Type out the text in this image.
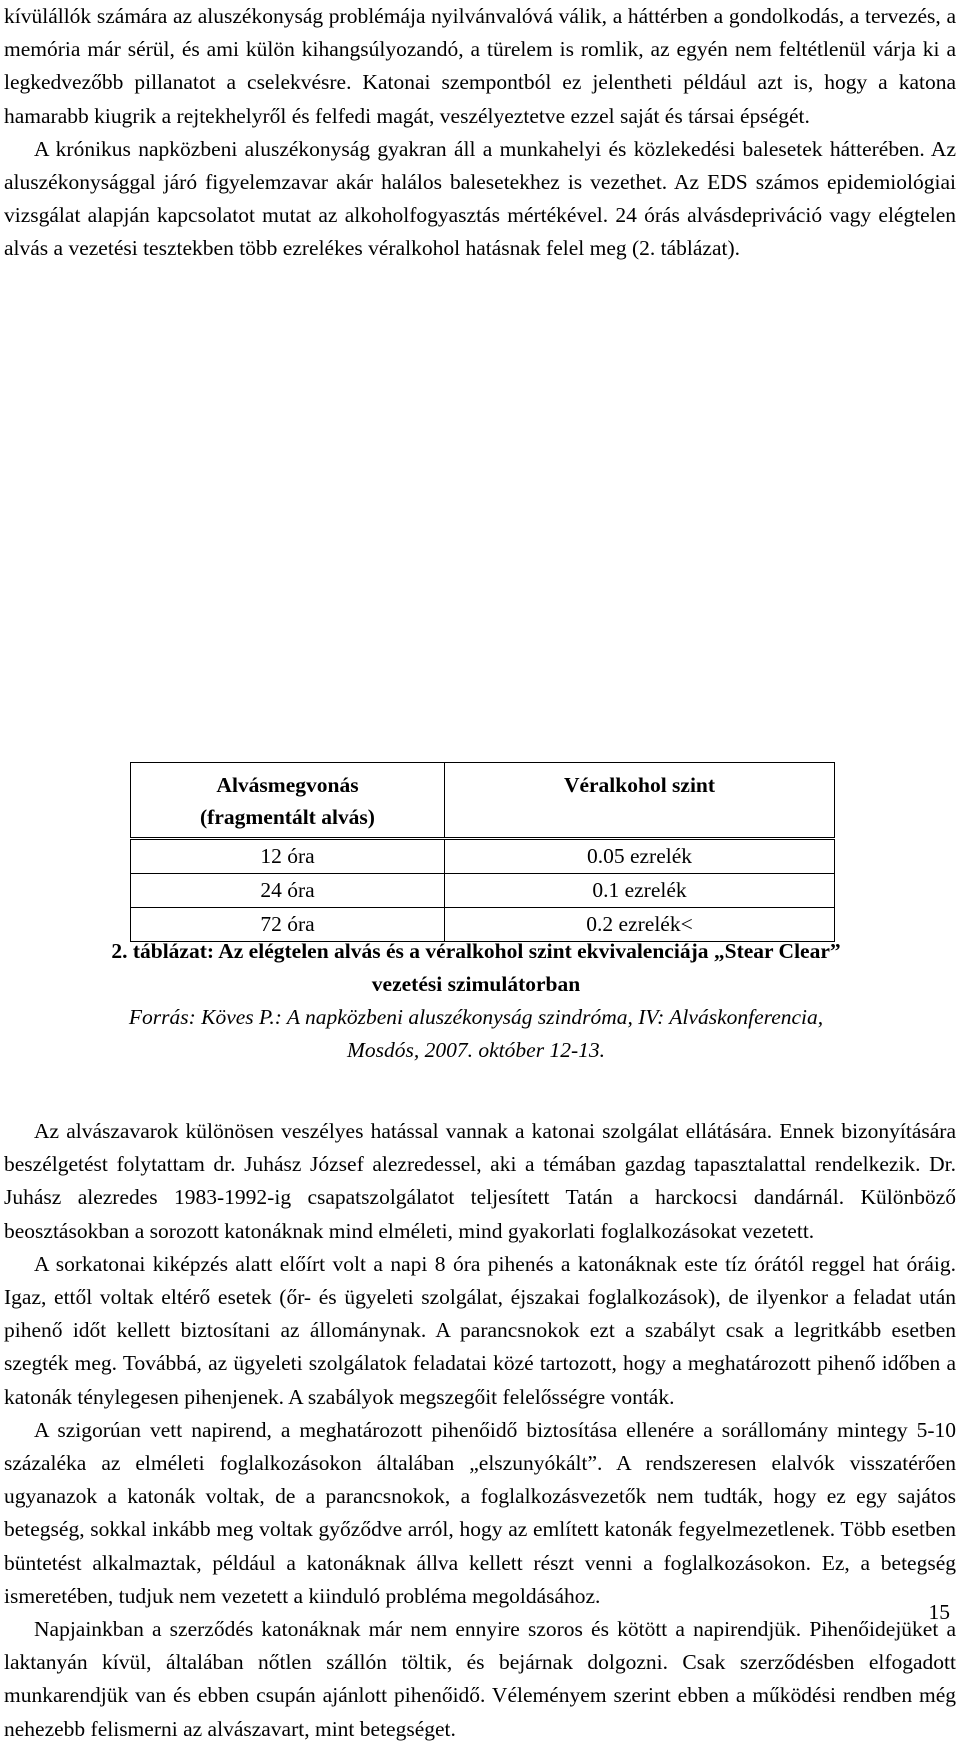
kívülállók számára az aluszékonyság problémája nyilvánvalóvá válik, a háttérben a gondolkodás, a tervezés, a memória már sérül, és ami külön kihangsúlyozandó, a türelem is romlik, az egyén nem feltétlenül várja ki a legkedvezőbb pillanatot a cselekvésre. Katonai szempontból ez jelentheti például azt is, hogy a katona hamarabb kiugrik a rejtekhelyről és felfedi magát, veszélyeztetve ezzel saját és társai épségét.

A krónikus napközbeni aluszékonyság gyakran áll a munkahelyi és közlekedési balesetek hátterében. Az aluszékonysággal járó figyelemzavar akár halálos balesetekhez is vezethet. Az EDS számos epidemiológiai vizsgálat alapján kapcsolatot mutat az alkoholfogyasztás mértékével. 24 órás alvásdepriváció vagy elégtelen alvás a vezetési tesztekben több ezrelékes véralkohol hatásnak felel meg (2. táblázat).

Alvásmegvonás
(fragmentált alvás)	Véralkohol szint
12 óra	0.05 ezrelék
24 óra	0.1 ezrelék
72 óra	0.2 ezrelék<
2. táblázat: Az elégtelen alvás és a véralkohol szint ekvivalenciája „Stear Clear”
vezetési szimulátorban
Forrás: Köves P.: A napközbeni aluszékonyság szindróma, IV: Alváskonferencia,
Mosdós, 2007. október 12-13.

Az alvászavarok különösen veszélyes hatással vannak a katonai szolgálat ellátására. Ennek bizonyítására beszélgetést folytattam dr. Juhász József alezredessel, aki a témában gazdag tapasztalattal rendelkezik. Dr. Juhász alezredes 1983-1992-ig csapatszolgálatot teljesített Tatán a harckocsi dandárnál. Különböző beosztásokban a sorozott katonáknak mind elméleti, mind gyakorlati foglalkozásokat vezetett.

A sorkatonai kiképzés alatt előírt volt a napi 8 óra pihenés a katonáknak este tíz órától reggel hat óráig. Igaz, ettől voltak eltérő esetek (őr- és ügyeleti szolgálat, éjszakai foglalkozások), de ilyenkor a feladat után pihenő időt kellett biztosítani az állománynak. A parancsnokok ezt a szabályt csak a legritkább esetben szegték meg. Továbbá, az ügyeleti szolgálatok feladatai közé tartozott, hogy a meghatározott pihenő időben a katonák ténylegesen pihenjenek. A szabályok megszegőit felelősségre vonták.

A szigorúan vett napirend, a meghatározott pihenőidő biztosítása ellenére a sorállomány mintegy 5-10 százaléka az elméleti foglalkozásokon általában „elszunyókált”. A rendszeresen elalvók visszatérően ugyanazok a katonák voltak, de a parancsnokok, a foglalkozásvezetők nem tudták, hogy ez egy sajátos betegség, sokkal inkább meg voltak győződve arról, hogy az említett katonák fegyelmezetlenek. Több esetben büntetést alkalmaztak, például a katonáknak állva kellett részt venni a foglalkozásokon. Ez, a betegség ismeretében, tudjuk nem vezetett a kiinduló probléma megoldásához.

Napjainkban a szerződés katonáknak már nem ennyire szoros és kötött a napirendjük. Pihenőidejüket a laktanyán kívül, általában nőtlen szállón töltik, és bejárnak dolgozni. Csak szerződésben elfogadott munkarendjük van és ebben csupán ajánlott pihenőidő. Véleményem szerint ebben a működési rendben még nehezebb felismerni az alvászavart, mint betegséget.

15
